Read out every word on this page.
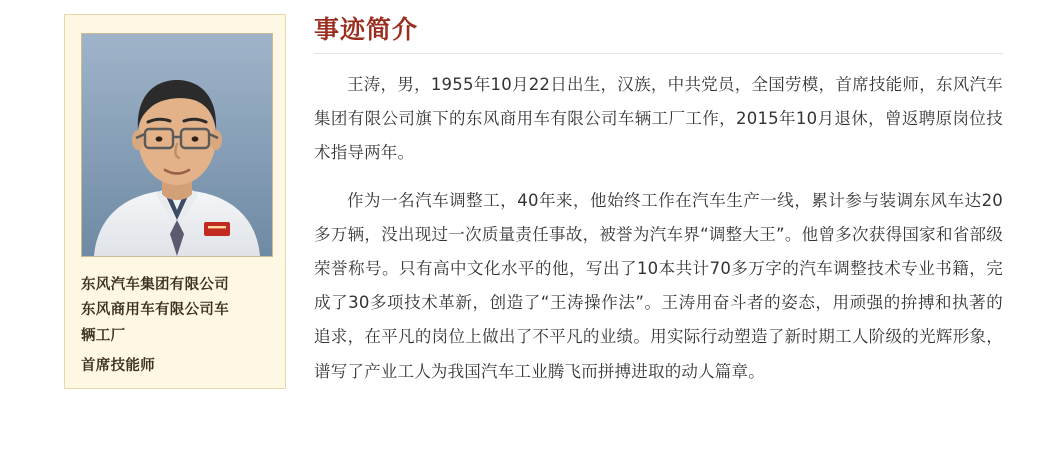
东风汽车集团有限公司
东风商用车有限公司车
辆工厂
首席技能师
事迹简介

王涛，男，1955年10月22日出生，汉族，中共党员，全国劳模，首席技能师，东风汽车集团有限公司旗下的东风商用车有限公司车辆工厂工作，2015年10月退休，曾返聘原岗位技术指导两年。

作为一名汽车调整工，40年来，他始终工作在汽车生产一线，累计参与装调东风车达20多万辆，没出现过一次质量责任事故，被誉为汽车界“调整大王”。他曾多次获得国家和省部级荣誉称号。只有高中文化水平的他，写出了10本共计70多万字的汽车调整技术专业书籍，完成了30多项技术革新，创造了“王涛操作法”。王涛用奋斗者的姿态，用顽强的拚搏和执著的追求，在平凡的岗位上做出了不平凡的业绩。用实际行动塑造了新时期工人阶级的光辉形象，谱写了产业工人为我国汽车工业腾飞而拼搏进取的动人篇章。
